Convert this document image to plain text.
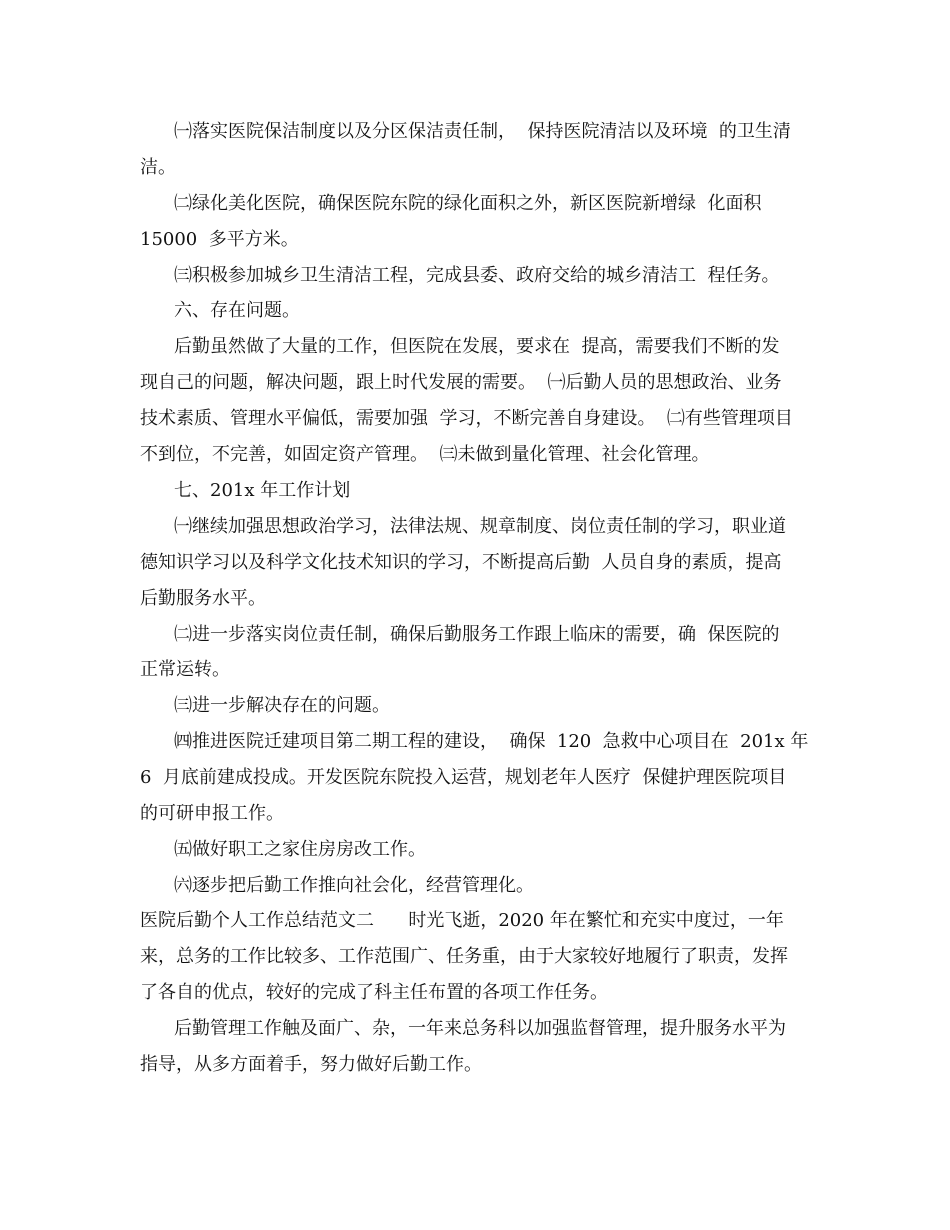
㈠落实医院保洁制度以及分区保洁责任制，  保持医院清洁以及环境  的卫生清
洁。
㈡绿化美化医院，确保医院东院的绿化面积之外，新区医院新增绿  化面积
15000  多平方米。
㈢积极参加城乡卫生清洁工程，完成县委、政府交给的城乡清洁工  程任务。
六、存在问题。
后勤虽然做了大量的工作，但医院在发展，要求在  提高，需要我们不断的发
现自己的问题，解决问题，跟上时代发展的需要。  ㈠后勤人员的思想政治、业务
技术素质、管理水平偏低，需要加强  学习，不断完善自身建设。  ㈡有些管理项目
不到位，不完善，如固定资产管理。  ㈢未做到量化管理、社会化管理。
七、201x 年工作计划
㈠继续加强思想政治学习，法律法规、规章制度、岗位责任制的学习，职业道
德知识学习以及科学文化技术知识的学习，不断提高后勤  人员自身的素质，提高
后勤服务水平。
㈡进一步落实岗位责任制，确保后勤服务工作跟上临床的需要，确  保医院的
正常运转。
㈢进一步解决存在的问题。
㈣推进医院迁建项目第二期工程的建设，  确保  120  急救中心项目在  201x 年
6  月底前建成投成。开发医院东院投入运营，规划老年人医疗  保健护理医院项目
的可研申报工作。
㈤做好职工之家住房房改工作。
㈥逐步把后勤工作推向社会化，经营管理化。
医院后勤个人工作总结范文二      时光飞逝，2020 年在繁忙和充实中度过，一年
来，总务的工作比较多、工作范围广、任务重，由于大家较好地履行了职责，发挥
了各自的优点，较好的完成了科主任布置的各项工作任务。
后勤管理工作触及面广、杂，一年来总务科以加强监督管理，提升服务水平为
指导，从多方面着手，努力做好后勤工作。
